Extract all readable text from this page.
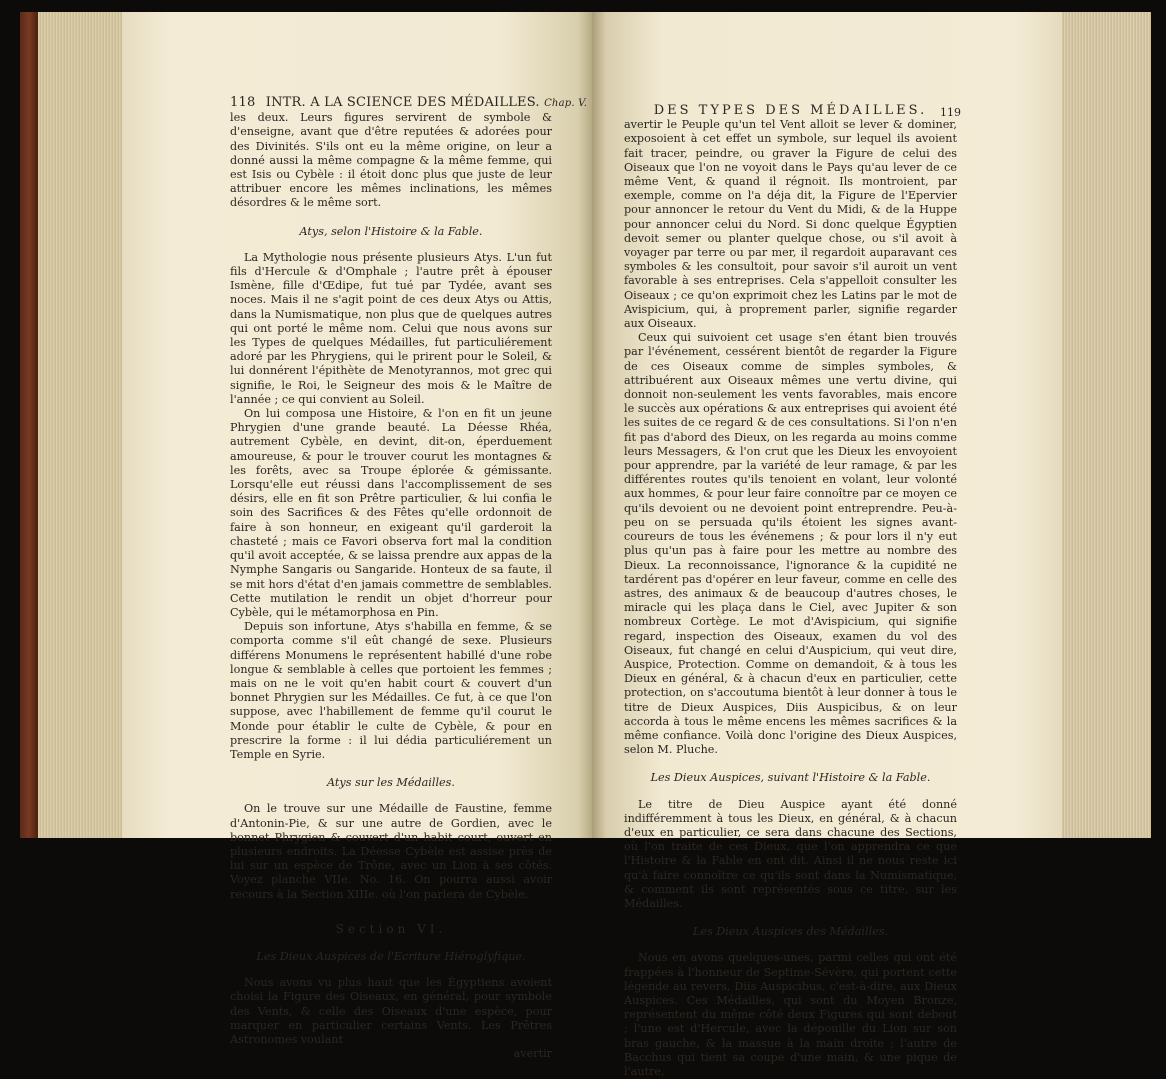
118 INTR. A LA SCIENCE DES MÉDAILLES. Chap. V.

les deux. Leurs figures servirent de symbole & d'enseigne, avant que d'être reputées & adorées pour des Divinités. S'ils ont eu la même origine, on leur a donné aussi la même compagne & la même femme, qui est Isis ou Cybèle : il étoit donc plus que juste de leur attribuer encore les mêmes inclinations, les mêmes désordres & le même sort.

Atys, selon l'Histoire & la Fable.

La Mythologie nous présente plusieurs Atys. L'un fut fils d'Hercule & d'Omphale ; l'autre prêt à épouser Ismène, fille d'Œdipe, fut tué par Tydée, avant ses noces. Mais il ne s'agit point de ces deux Atys ou Attis, dans la Numismatique, non plus que de quelques autres qui ont porté le même nom. Celui que nous avons sur les Types de quelques Médailles, fut particuliérement adoré par les Phrygiens, qui le prirent pour le Soleil, & lui donnérent l'épithète de Menotyrannos, mot grec qui signifie, le Roi, le Seigneur des mois & le Maître de l'année ; ce qui convient au Soleil.

On lui composa une Histoire, & l'on en fit un jeune Phrygien d'une grande beauté. La Déesse Rhéa, autrement Cybèle, en devint, dit-on, éperduement amoureuse, & pour le trouver courut les montagnes & les forêts, avec sa Troupe éplorée & gémissante. Lorsqu'elle eut réussi dans l'accomplissement de ses désirs, elle en fit son Prêtre particulier, & lui confia le soin des Sacrifices & des Fêtes qu'elle ordonnoit de faire à son honneur, en exigeant qu'il garderoit la chasteté ; mais ce Favori observa fort mal la condition qu'il avoit acceptée, & se laissa prendre aux appas de la Nymphe Sangaris ou Sangaride. Honteux de sa faute, il se mit hors d'état d'en jamais commettre de semblables. Cette mutilation le rendit un objet d'horreur pour Cybèle, qui le métamorphosa en Pin.

Depuis son infortune, Atys s'habilla en femme, & se comporta comme s'il eût changé de sexe. Plusieurs différens Monumens le représentent habillé d'une robe longue & semblable à celles que portoient les femmes ; mais on ne le voit qu'en habit court & couvert d'un bonnet Phrygien sur les Médailles. Ce fut, à ce que l'on suppose, avec l'habillement de femme qu'il courut le Monde pour établir le culte de Cybèle, & pour en prescrire la forme : il lui dédia particuliérement un Temple en Syrie.

Atys sur les Médailles.

On le trouve sur une Médaille de Faustine, femme d'Antonin-Pie, & sur une autre de Gordien, avec le bonnet Phrygien & couvert d'un habit court, ouvert en plusieurs endroits. La Déesse Cybèle est assise près de lui sur un espèce de Trône, avec un Lion à ses côtés. Voyez planche VIIe. No. 16. On pourra aussi avoir recours à la Section XIIIe. où l'on parlera de Cybèle.

Section VI.
Les Dieux Auspices de l'Ecriture Hiéroglyfique.

Nous avons vu plus haut que les Égyptiens avoient choisi la Figure des Oiseaux, en général, pour symbole des Vents, & celle des Oiseaux d'une espèce, pour marquer en particulier certains Vents. Les Prêtres Astronomes voulant

avertir

DES TYPES DES MÉDAILLES. 119

avertir le Peuple qu'un tel Vent alloit se lever & dominer, exposoient à cet effet un symbole, sur lequel ils avoient fait tracer, peindre, ou graver la Figure de celui des Oiseaux que l'on ne voyoit dans le Pays qu'au lever de ce même Vent, & quand il régnoit. Ils montroient, par exemple, comme on l'a déja dit, la Figure de l'Epervier pour annoncer le retour du Vent du Midi, & de la Huppe pour annoncer celui du Nord. Si donc quelque Égyptien devoit semer ou planter quelque chose, ou s'il avoit à voyager par terre ou par mer, il regardoit auparavant ces symboles & les consultoit, pour savoir s'il auroit un vent favorable à ses entreprises. Cela s'appelloit consulter les Oiseaux ; ce qu'on exprimoit chez les Latins par le mot de Avispicium, qui, à proprement parler, signifie regarder aux Oiseaux.

Ceux qui suivoient cet usage s'en étant bien trouvés par l'événement, cessérent bientôt de regarder la Figure de ces Oiseaux comme de simples symboles, & attribuérent aux Oiseaux mêmes une vertu divine, qui donnoit non-seulement les vents favorables, mais encore le succès aux opérations & aux entreprises qui avoient été les suites de ce regard & de ces consultations. Si l'on n'en fit pas d'abord des Dieux, on les regarda au moins comme leurs Messagers, & l'on crut que les Dieux les envoyoient pour apprendre, par la variété de leur ramage, & par les différentes routes qu'ils tenoient en volant, leur volonté aux hommes, & pour leur faire connoître par ce moyen ce qu'ils devoient ou ne devoient point entreprendre. Peu-à-peu on se persuada qu'ils étoient les signes avant-coureurs de tous les événemens ; & pour lors il n'y eut plus qu'un pas à faire pour les mettre au nombre des Dieux. La reconnoissance, l'ignorance & la cupidité ne tardérent pas d'opérer en leur faveur, comme en celle des astres, des animaux & de beaucoup d'autres choses, le miracle qui les plaça dans le Ciel, avec Jupiter & son nombreux Cortège. Le mot d'Avispicium, qui signifie regard, inspection des Oiseaux, examen du vol des Oiseaux, fut changé en celui d'Auspicium, qui veut dire, Auspice, Protection. Comme on demandoit, & à tous les Dieux en général, & à chacun d'eux en particulier, cette protection, on s'accoutuma bientôt à leur donner à tous le titre de Dieux Auspices, Diis Auspicibus, & on leur accorda à tous le même encens les mêmes sacrifices & la même confiance. Voilà donc l'origine des Dieux Auspices, selon M. Pluche.

Les Dieux Auspices, suivant l'Histoire & la Fable.

Le titre de Dieu Auspice ayant été donné indifféremment à tous les Dieux, en général, & à chacun d'eux en particulier, ce sera dans chacune des Sections, où l'on traite de ces Dieux, que l'on apprendra ce que l'Histoire & la Fable en ont dit. Ainsi il ne nous reste ici qu'à faire connoître ce qu'ils sont dans la Numismatique, & comment ils sont représentés sous ce titre, sur les Médailles.

Les Dieux Auspices des Médailles.

Nous en avons quelques-unes, parmi celles qui ont été frappées à l'honneur de Septime-Sévère, qui portent cette légende au revers, Diis Auspicibus, c'est-à-dire, aux Dieux Auspices. Ces Médailles, qui sont du Moyen Bronze, représentent du même côté deux Figures qui sont debout ; l'une est d'Hercule, avec la dépouille du Lion sur son bras gauche, & la massue à la main droite ; l'autre de Bacchus qui tient sa coupe d'une main, & une pique de l'autre,
